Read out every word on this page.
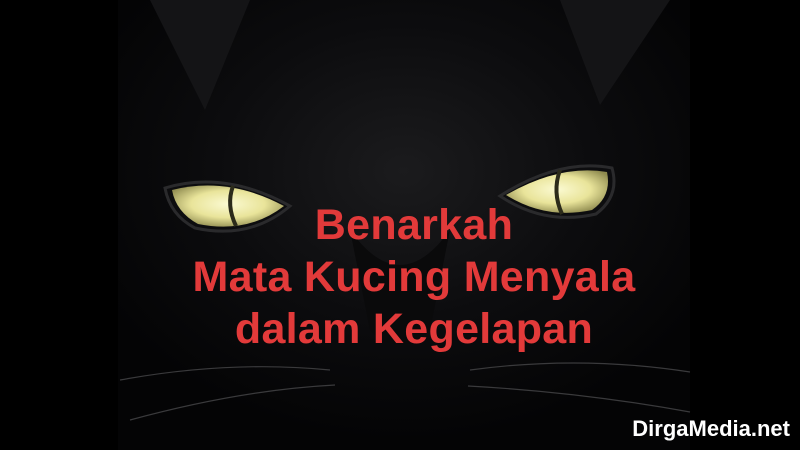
Benarkah
Mata Kucing Menyala
dalam Kegelapan
DirgaMedia.net
